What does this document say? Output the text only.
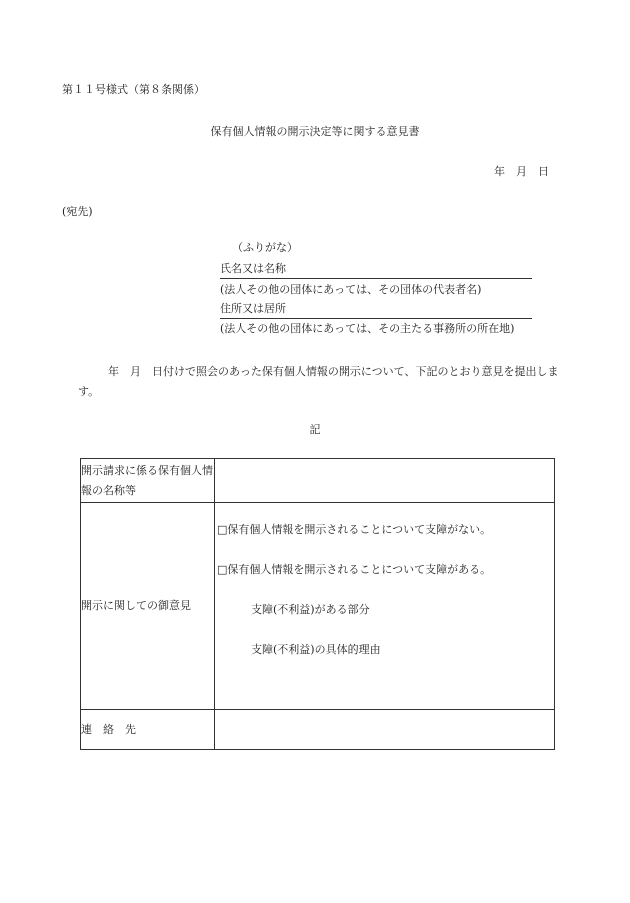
第１１号様式（第８条関係）
保有個人情報の開示決定等に関する意見書
年　月　日
(宛先)
（ふりがな）
氏名又は名称
(法人その他の団体にあっては、その団体の代表者名)
住所又は居所
(法人その他の団体にあっては、その主たる事務所の所在地)
年　月　日付けで照会のあった保有個人情報の開示について、下記のとおり意見を提出します。
記
開示請求に係る保有個人情報の名称等	
開示に関しての御意見	□保有個人情報を開示されることについて支障がない。
□保有個人情報を開示されることについて支障がある。
支障(不利益)がある部分
支障(不利益)の具体的理由

連　絡　先	
